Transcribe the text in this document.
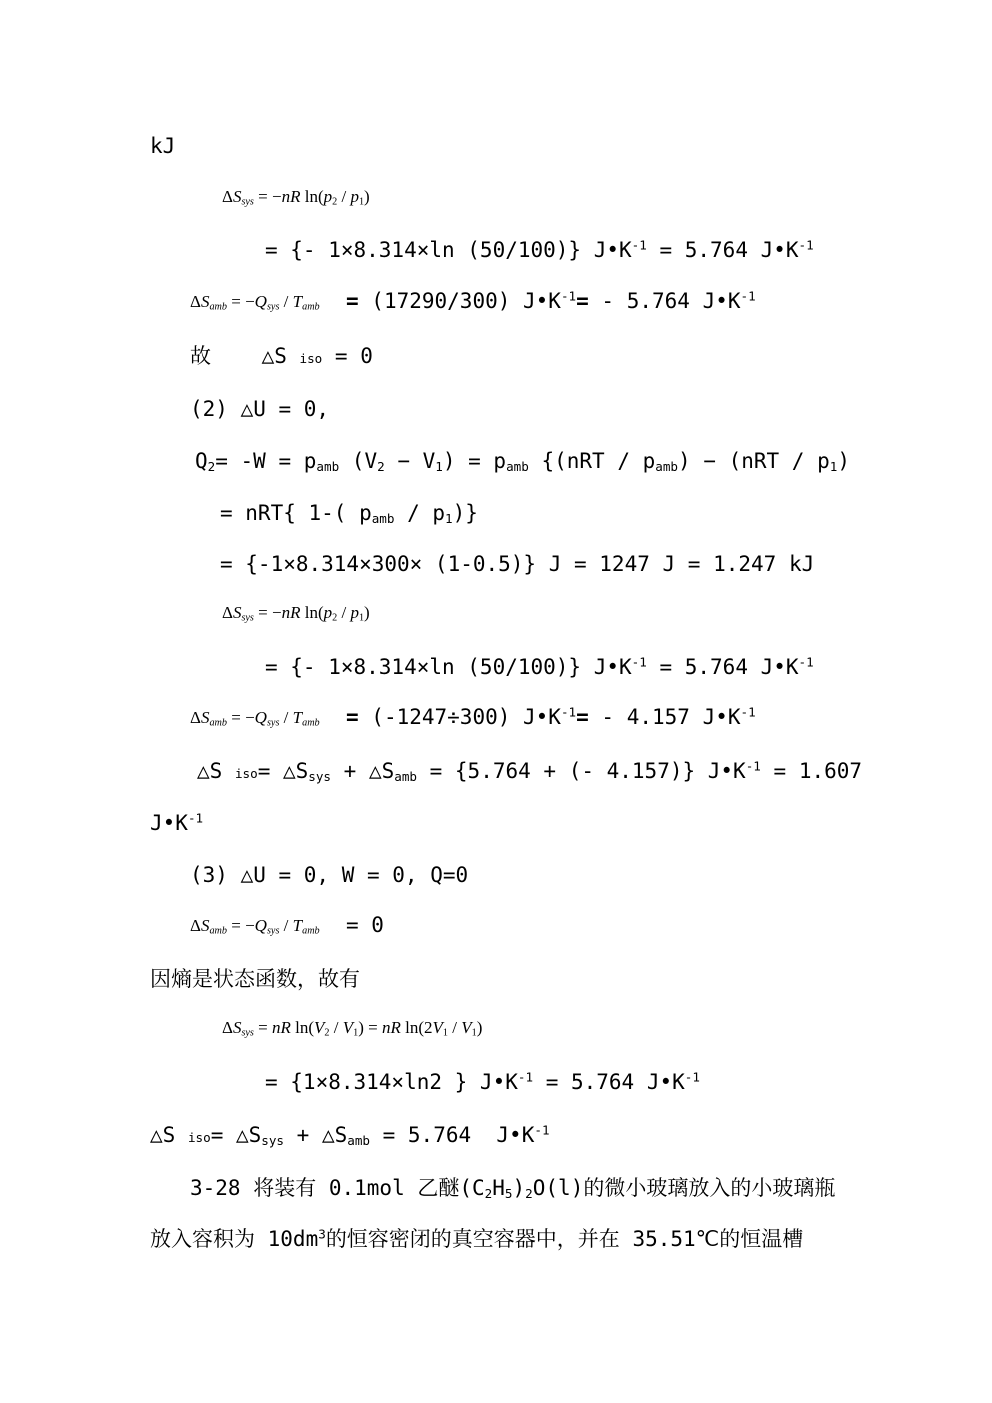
kJ
$\Delta S_{sys} = -nR$ $\ln(p_2 / p_1)$
= {- 1×8.314×ln (50/100)} $J•K^{-1} = 5.764$ $J•K^{-1}$
$\Delta S_{amb} = -Q_{sys} / T_{amb} = (17290/300)$ $J•K^{-1}= - 5.764$ $J•K^{-1}$
故    △S iso = 0
(2) △U = 0,
$Q_2= -W = p_{amb}$ $(V_2 - V_1) = p_{amb}$ {$(nRT / p_{amb}) - (nRT / p_1)$
= nRT{ 1-( $p_{amb} / p_1$)}
= {-1×8.314×300× (1-0.5)} J = 1247 J = 1.247 kJ
$\Delta S_{sys} = -nR$ $\ln(p_2 / p_1)$
= {- 1×8.314×ln (50/100)} $J•K^{-1} = 5.764$ $J•K^{-1}$
$\Delta S_{amb} = -Q_{sys} / T_{amb} = (-1247\div 300)$ $J•K^{-1}= - 4.157$ $J•K^{-1}$
△S $iso= \triangle S_{sys}$ + $\triangle S_{amb} = \{5.764$ + (- 4.157)} $J•K^{-1} = 1.607$
$J•K^{-1}$
(3) △U = 0, W = 0, Q=0
$\Delta S_{amb} = -Q_{sys} / T_{amb} = 0$
因熵是状态函数，故有
$\Delta S_{sys}$ = nR $\ln(V_2 / V_1)$ = nR $\ln(2V_1 / V_1)$
= {1×8.314×ln2 } $J•K^{-1} = 5.764$ $J•K^{-1}$
△S $iso= \triangle S_{sys}$ + $\triangle S_{amb} = 5.764$  $J•K^{-1}$
3-28 将装有 0.1mol 乙醚$(C_2H_5)_2O(l)$的微小玻璃放入的小玻璃瓶
放入容积为 $10dm^3$的恒容密闭的真空容器中，并在 35.51℃的恒温槽
